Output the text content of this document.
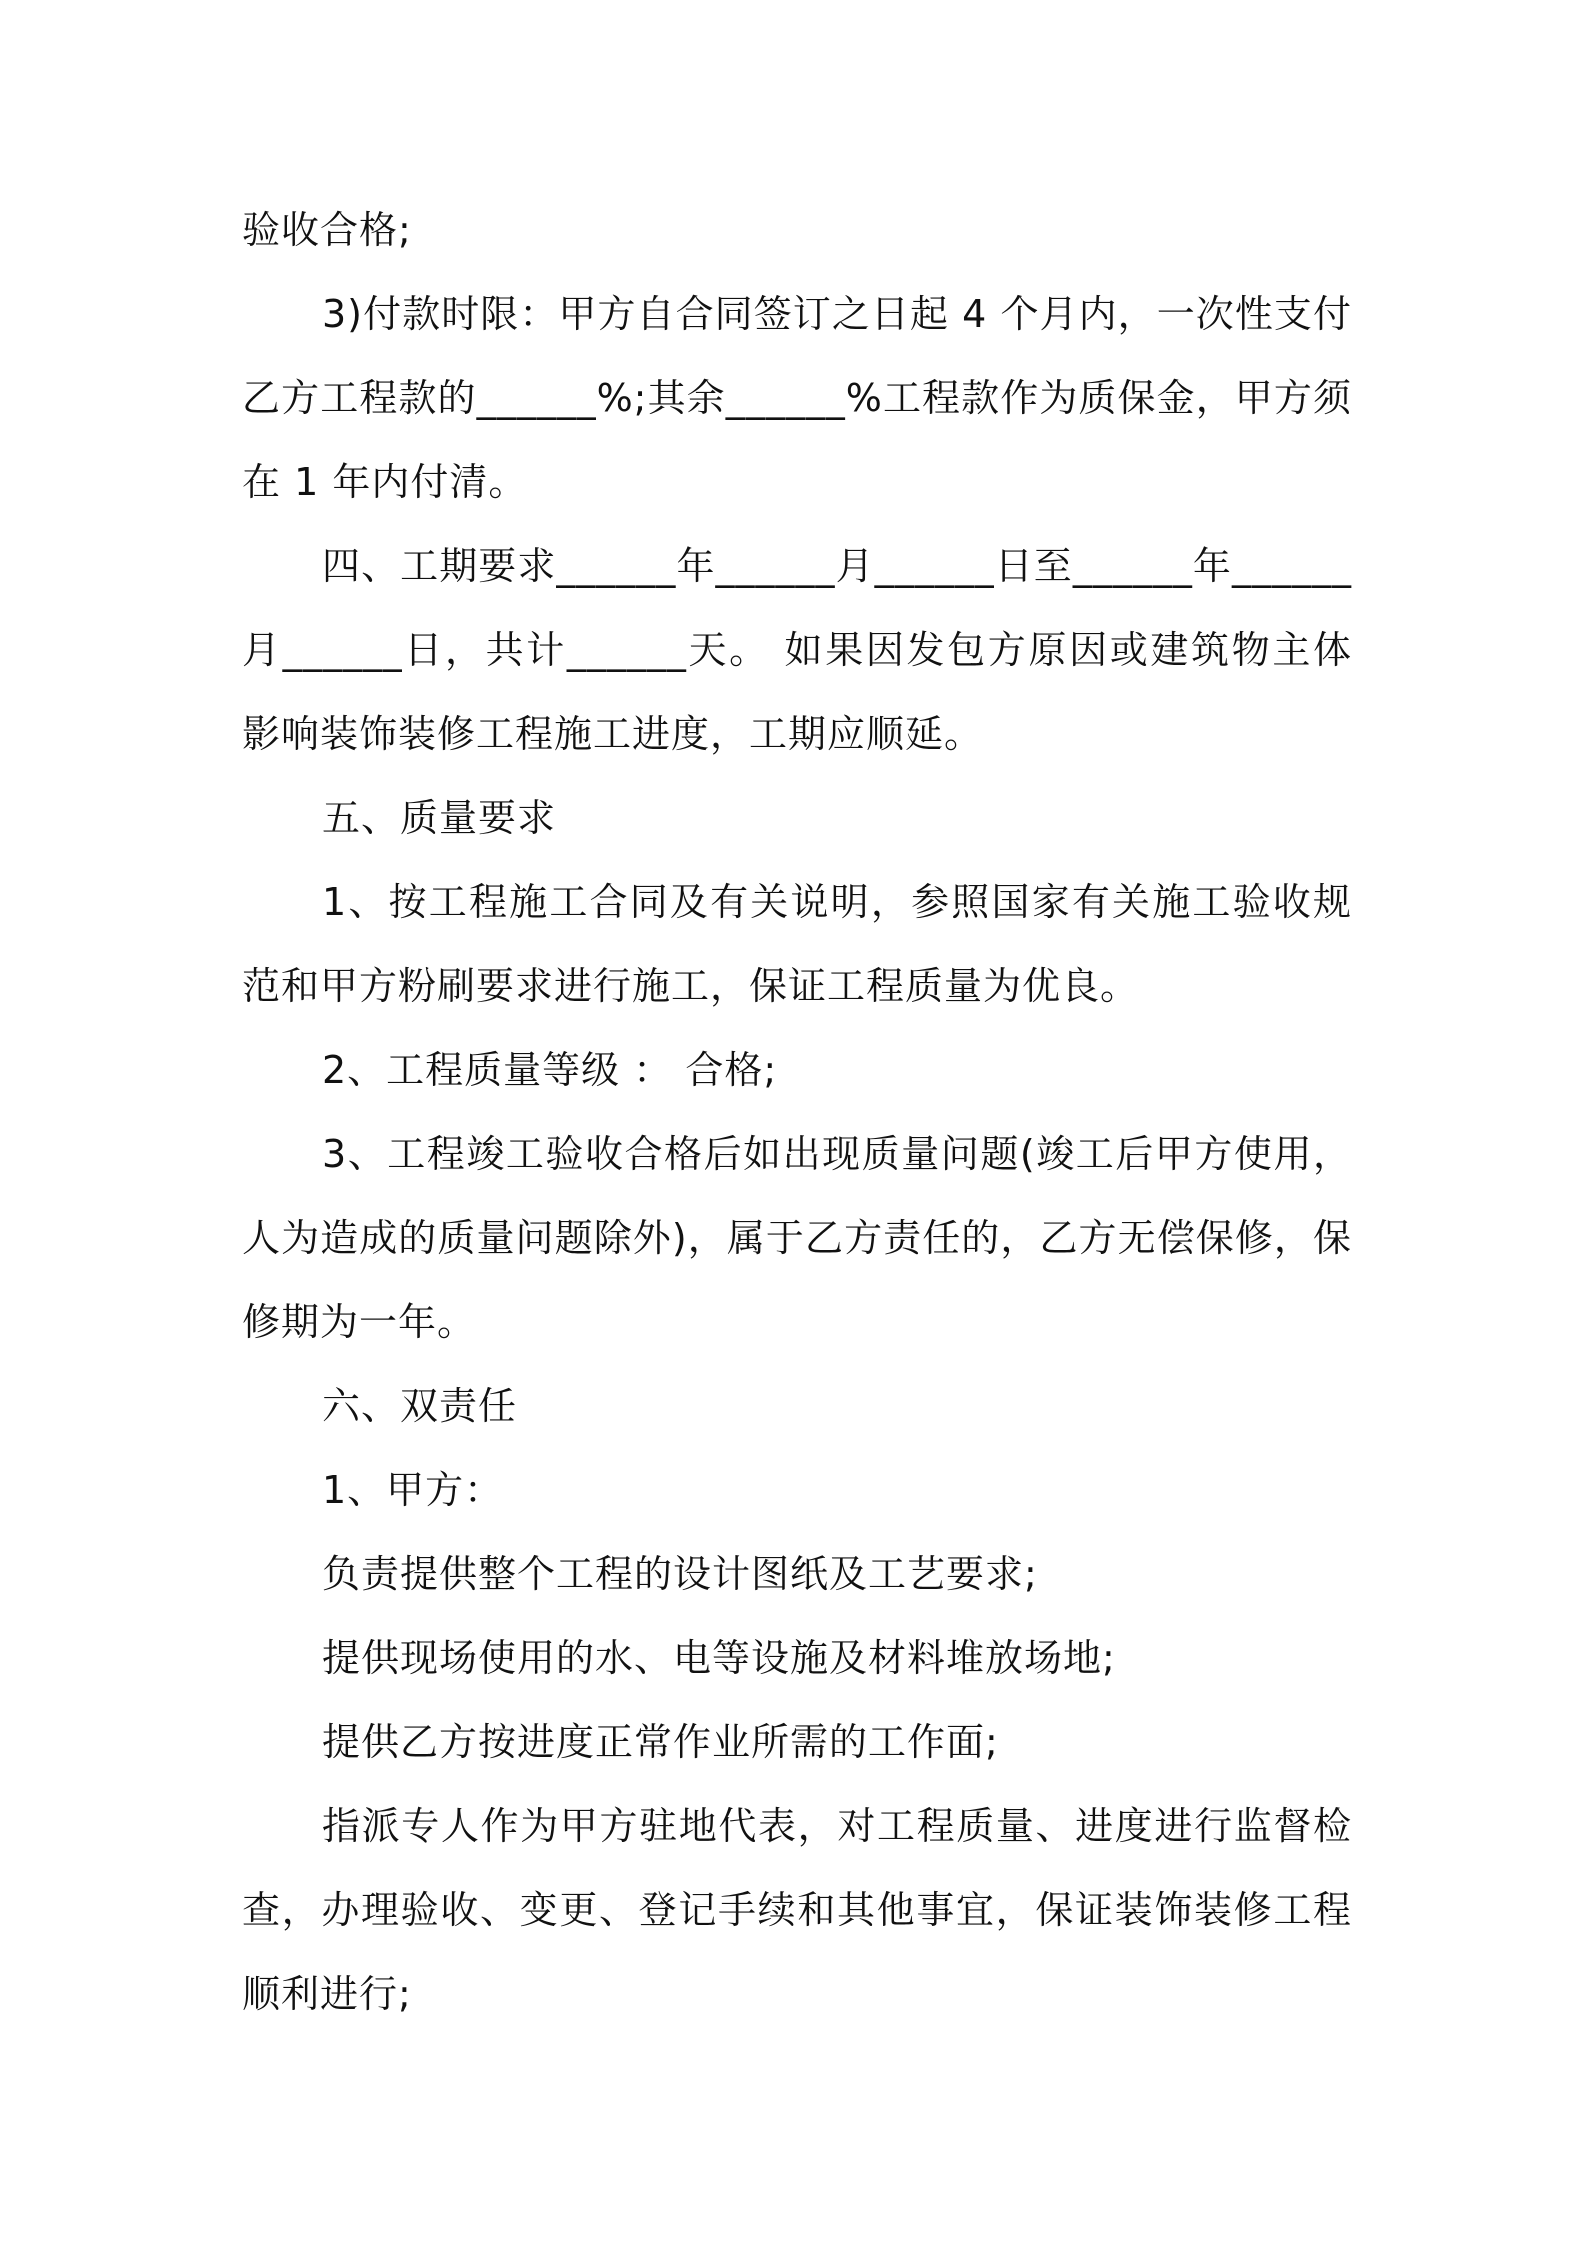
验收合格;

3)付款时限：甲方自合同签订之日起 4 个月内，一次性支付乙方工程款的______%;其余______%工程款作为质保金，甲方须在 1 年内付清。

四、工期要求______年______月______日至______年______月______日，共计______天。 如果因发包方原因或建筑物主体影响装饰装修工程施工进度，工期应顺延。

五、质量要求

1、按工程施工合同及有关说明，参照国家有关施工验收规范和甲方粉刷要求进行施工，保证工程质量为优良。

2、工程质量等级 ： 合格;

3、工程竣工验收合格后如出现质量问题(竣工后甲方使用，人为造成的质量问题除外)，属于乙方责任的，乙方无偿保修，保修期为一年。

六、双责任

1、甲方：

负责提供整个工程的设计图纸及工艺要求;

提供现场使用的水、电等设施及材料堆放场地;

提供乙方按进度正常作业所需的工作面;

指派专人作为甲方驻地代表，对工程质量、进度进行监督检查，办理验收、变更、登记手续和其他事宜，保证装饰装修工程顺利进行;
